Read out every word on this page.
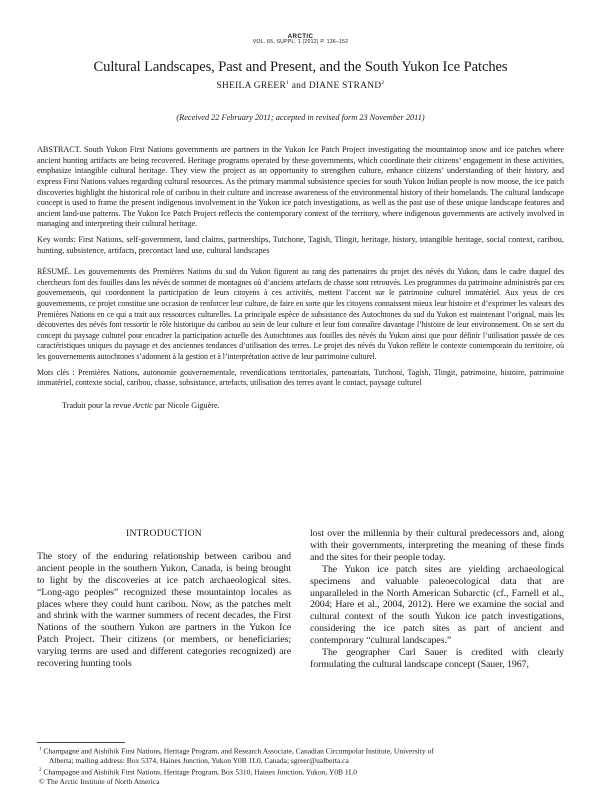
ARCTIC
VOL. 65, SUPPL. 1 (2012) P. 136–152
Cultural Landscapes, Past and Present, and the South Yukon Ice Patches
SHEILA GREER$^1$ and DIANE STRAND$^2$
(Received 22 February 2011; accepted in revised form 23 November 2011)
ABSTRACT. South Yukon First Nations governments are partners in the Yukon Ice Patch Project investigating the mountaintop snow and ice patches where ancient hunting artifacts are being recovered. Heritage programs operated by these governments, which coordinate their citizens’ engagement in these activities, emphasize intangible cultural heritage. They view the project as an opportunity to strengthen culture, enhance citizens’ understanding of their history, and express First Nations values regarding cultural resources. As the primary mammal subsistence species for south Yukon Indian people is now moose, the ice patch discoveries highlight the historical role of caribou in their culture and increase awareness of the environmental history of their homelands. The cultural landscape concept is used to frame the present indigenous involvement in the Yukon ice patch investigations, as well as the past use of these unique landscape features and ancient land-use patterns. The Yukon Ice Patch Project reflects the contemporary context of the territory, where indigenous governments are actively involved in managing and interpreting their cultural heritage.
Key words: First Nations, self-government, land claims, partnerships, Tutchone, Tagish, Tlingit, heritage, history, intangible heritage, social context, caribou, hunting, subsistence, artifacts, precontact land use, cultural landscapes
RÉSUMÉ. Les gouvernements des Premières Nations du sud du Yukon figurent au rang des partenaires du projet des névés du Yukon, dans le cadre duquel des chercheurs font des fouilles dans les névés de sommet de montagnes où d’anciens artefacts de chasse sont retrouvés. Les programmes du patrimoine administrés par ces gouvernements, qui coordonnent la participation de leurs citoyens à ces activités, mettent l’accent sur le patrimoine culturel immatériel. Aux yeux de ces gouvernements, ce projet constitue une occasion de renforcer leur culture, de faire en sorte que les citoyens connaissent mieux leur histoire et d’exprimer les valeurs des Premières Nations en ce qui a trait aux ressources culturelles. La principale espèce de subsistance des Autochtones du sud du Yukon est maintenant l’orignal, mais les découvertes des névés font ressortir le rôle historique du caribou au sein de leur culture et leur font connaître davantage l’histoire de leur environnement. On se sert du concept du paysage culturel pour encadrer la participation actuelle des Autochtones aux fouilles des névés du Yukon ainsi que pour définir l’utilisation passée de ces caractéristiques uniques du paysage et des anciennes tendances d’utilisation des terres. Le projet des névés du Yukon reflète le contexte contemporain du territoire, où les gouvernements autochtones s’adonnent à la gestion et à l’interprétation active de leur patrimoine culturel.
Mots clés : Premières Nations, autonomie gouvernementale, revendications territoriales, partenariats, Tutchoni, Tagish, Tlingit, patrimoine, histoire, patrimoine immatériel, contexte social, caribou, chasse, subsistance, artefacts, utilisation des terres avant le contact, paysage culturel
Traduit pour la revue Arctic par Nicole Giguère.
INTRODUCTION

The story of the enduring relationship between caribou and ancient people in the southern Yukon, Canada, is being brought to light by the discoveries at ice patch archaeological sites. “Long-ago peoples” recognized these mountaintop locales as places where they could hunt caribou. Now, as the patches melt and shrink with the warmer summers of recent decades, the First Nations of the southern Yukon are partners in the Yukon Ice Patch Project. Their citizens (or members, or beneficiaries; varying terms are used and different categories recognized) are recovering hunting tools

lost over the millennia by their cultural predecessors and, along with their governments, interpreting the meaning of these finds and the sites for their people today.

The Yukon ice patch sites are yielding archaeological specimens and valuable paleoecological data that are unparalleled in the North American Subarctic (cf., Farnell et al., 2004; Hare et al., 2004, 2012). Here we examine the social and cultural context of the south Yukon ice patch investigations, considering the ice patch sites as part of ancient and contemporary “cultural landscapes.”

The geographer Carl Sauer is credited with clearly formulating the cultural landscape concept (Sauer, 1967,

$^1$ Champagne and Aishihik First Nations, Heritage Program, and Research Associate, Canadian Circumpolar Institute, University of
Alberta; mailing address: Box 5374, Haines Junction, Yukon Y0B 1L0, Canada; sgreer@ualberta.ca
$^2$ Champagne and Aishihik First Nations, Heritage Program, Box 5310, Haines Junction, Yukon, Y0B 1L0
© The Arctic Institute of North America
